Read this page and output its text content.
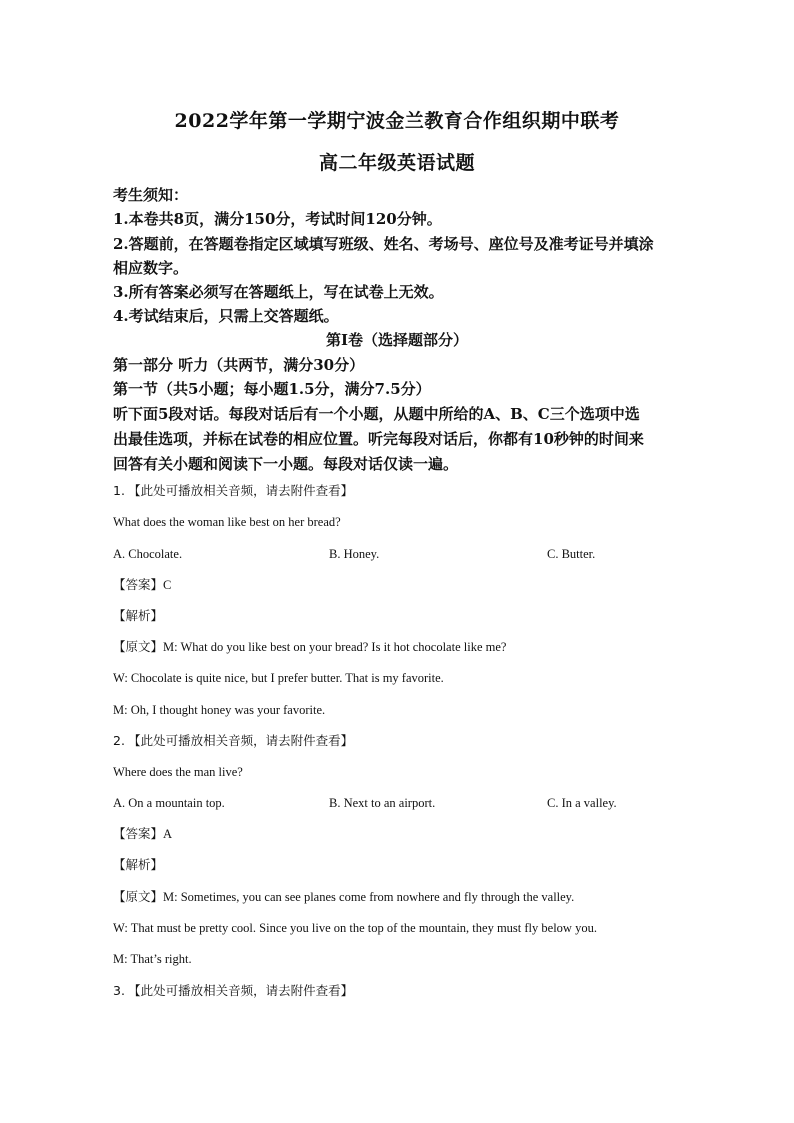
2022学年第一学期宁波金兰教育合作组织期中联考
高二年级英语试题
考生须知：
1.本卷共8页，满分150分，考试时间120分钟。
2.答题前，在答题卷指定区域填写班级、姓名、考场号、座位号及准考证号并填涂
相应数字。
3.所有答案必须写在答题纸上，写在试卷上无效。
4.考试结束后，只需上交答题纸。
第I卷（选择题部分）
第一部分 听力（共两节，满分30分）
第一节（共5小题；每小题1.5分，满分7.5分）
听下面5段对话。每段对话后有一个小题，从题中所给的A、B、C三个选项中选
出最佳选项，并标在试卷的相应位置。听完每段对话后，你都有10秒钟的时间来
回答有关小题和阅读下一小题。每段对话仅读一遍。
1. 【此处可播放相关音频，请去附件查看】
What does the woman like best on her bread?
A. Chocolate.	B. Honey.	C. Butter.
【答案】C
【解析】
【原文】M: What do you like best on your bread? Is it hot chocolate like me?
W: Chocolate is quite nice, but I prefer butter. That is my favorite.
M: Oh, I thought honey was your favorite.
2. 【此处可播放相关音频，请去附件查看】
Where does the man live?
A. On a mountain top.	B. Next to an airport.	C. In a valley.
【答案】A
【解析】
【原文】M: Sometimes, you can see planes come from nowhere and fly through the valley.
W: That must be pretty cool. Since you live on the top of the mountain, they must fly below you.
M: That’s right.
3. 【此处可播放相关音频，请去附件查看】
